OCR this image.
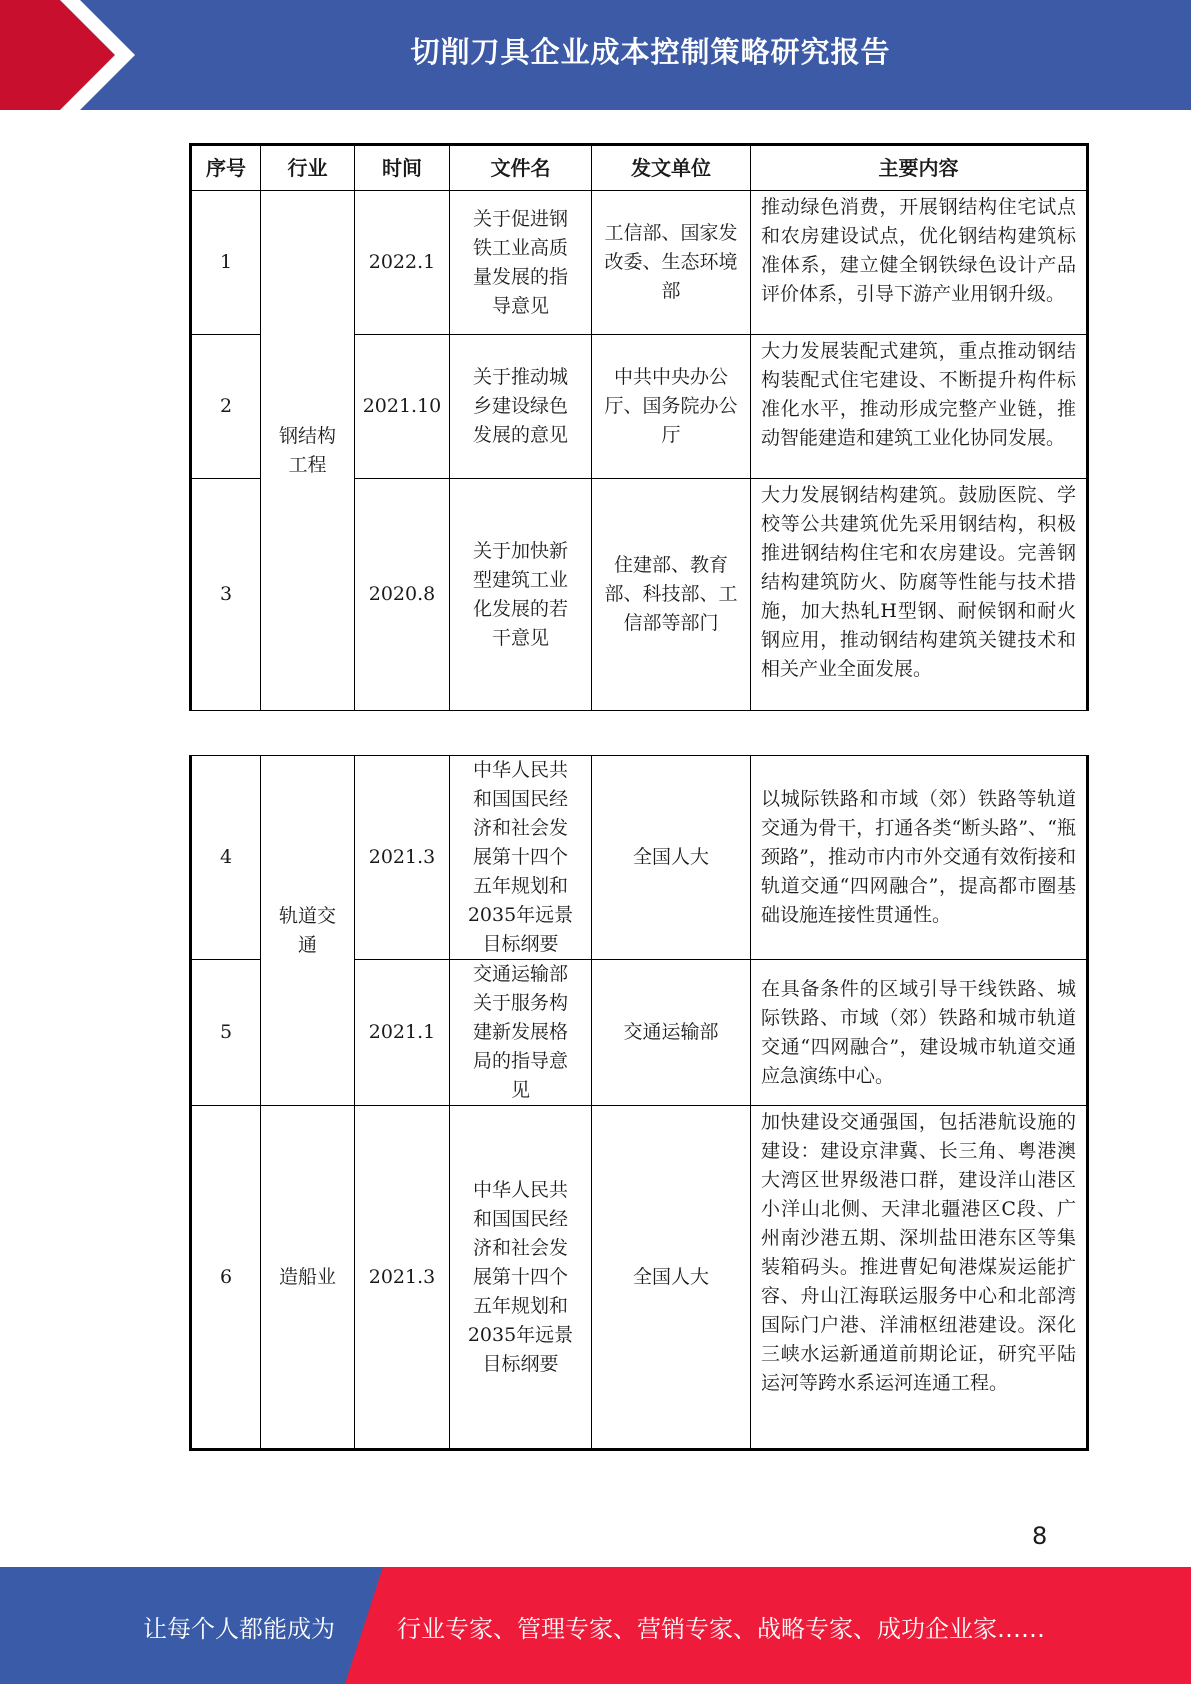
切削刀具企业成本控制策略研究报告
序号	行业	时间	文件名	发文单位	主要内容
1	钢结构工程	2022.1	关于促进钢铁工业高质量发展的指导意见	工信部、国家发改委、生态环境部	推动绿色消费，开展钢结构住宅试点和农房建设试点，优化钢结构建筑标准体系，建立健全钢铁绿色设计产品评价体系，引导下游产业用钢升级。
2		2021.10	关于推动城乡建设绿色发展的意见	中共中央办公厅、国务院办公厅	大力发展装配式建筑，重点推动钢结构装配式住宅建设、不断提升构件标准化水平，推动形成完整产业链，推动智能建造和建筑工业化协同发展。
3		2020.8	关于加快新型建筑工业化发展的若干意见	住建部、教育部、科技部、工信部等部门	大力发展钢结构建筑。鼓励医院、学校等公共建筑优先采用钢结构，积极推进钢结构住宅和农房建设。完善钢结构建筑防火、防腐等性能与技术措施，加大热轧H型钢、耐候钢和耐火钢应用，推动钢结构建筑关键技术和相关产业全面发展。
4	轨道交通	2021.3	中华人民共和国国民经济和社会发展第十四个五年规划和2035年远景目标纲要	全国人大	以城际铁路和市域（郊）铁路等轨道交通为骨干，打通各类“断头路”、“瓶颈路”，推动市内市外交通有效衔接和轨道交通“四网融合”，提高都市圈基础设施连接性贯通性。
5		2021.1	交通运输部关于服务构建新发展格局的指导意见	交通运输部	在具备条件的区域引导干线铁路、城际铁路、市域（郊）铁路和城市轨道交通“四网融合”，建设城市轨道交通应急演练中心。
6	造船业	2021.3	中华人民共和国国民经济和社会发展第十四个五年规划和2035年远景目标纲要	全国人大	加快建设交通强国，包括港航设施的建设：建设京津冀、长三角、粤港澳大湾区世界级港口群，建设洋山港区小洋山北侧、天津北疆港区C段、广州南沙港五期、深圳盐田港东区等集装箱码头。推进曹妃甸港煤炭运能扩容、舟山江海联运服务中心和北部湾国际门户港、洋浦枢纽港建设。深化三峡水运新通道前期论证，研究平陆运河等跨水系运河连通工程。
8
让每个人都能成为	行业专家、管理专家、营销专家、战略专家、成功企业家……
